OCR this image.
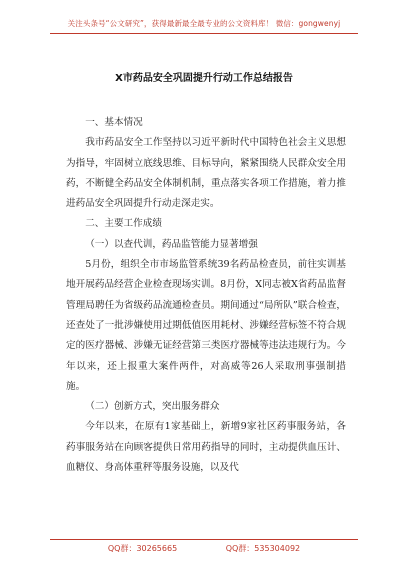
关注头条号“公文研究”，获得最新最全最专业的公文资料库！ 微信：gongwenyj
X市药品安全巩固提升行动工作总结报告

一、基本情况

我市药品安全工作坚持以习近平新时代中国特色社会主义思想为指导，牢固树立底线思维、目标导向，紧紧围绕人民群众安全用药，不断健全药品安全体制机制，重点落实各项工作措施，着力推进药品安全巩固提升行动走深走实。

二、主要工作成绩

（一）以查代训，药品监管能力显著增强

5月份，组织全市市场监管系统39名药品检查员，前往实训基地开展药品经营企业检查现场实训。8月份，X同志被X省药品监督管理局聘任为省级药品流通检查员。期间通过“局所队”联合检查，还查处了一批涉嫌使用过期低值医用耗材、涉嫌经营标签不符合规定的医疗器械、涉嫌无证经营第三类医疗器械等违法违规行为。今年以来，还上报重大案件两件，对高威等26人采取刑事强制措施。

（二）创新方式，突出服务群众

今年以来，在原有1家基础上，新增9家社区药事服务站，各药事服务站在向顾客提供日常用药指导的同时，主动提供血压计、血糖仪、身高体重秤等服务设施，以及代

QQ群：30265665	QQ群：535304092
